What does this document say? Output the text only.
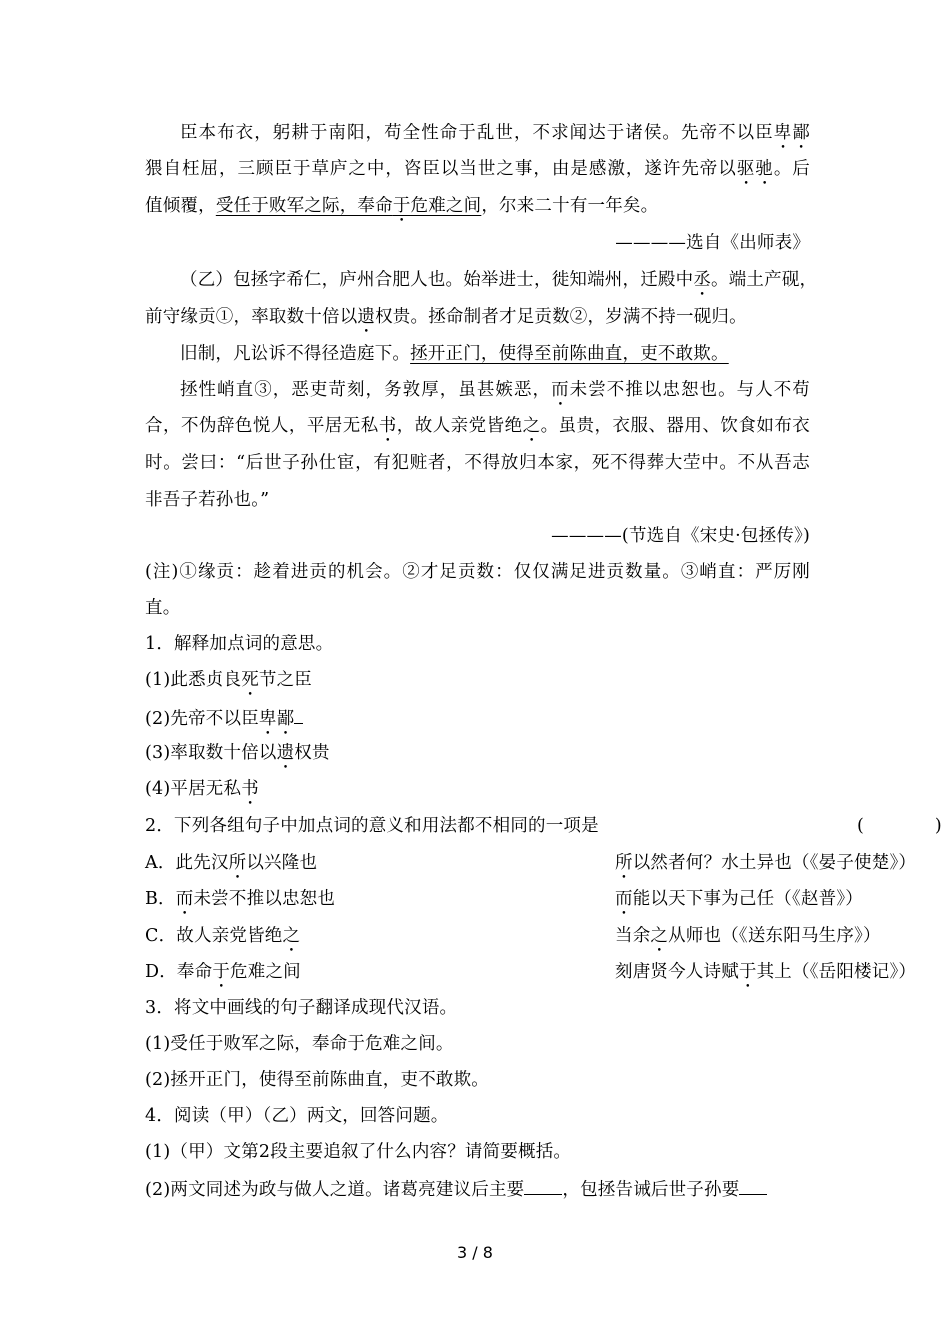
臣本布衣，躬耕于南阳，苟全性命于乱世，不求闻达于诸侯。先帝不以臣卑鄙
猥自枉屈，三顾臣于草庐之中，咨臣以当世之事，由是感激，遂许先帝以驱驰。后
值倾覆，受任于败军之际，奉命于危难之间，尔来二十有一年矣。
————选自《出师表》
（乙）包拯字希仁，庐州合肥人也。始举进士，徙知端州，迁殿中丞。端土产砚，
前守缘贡①，率取数十倍以遗权贵。拯命制者才足贡数②，岁满不持一砚归。
旧制，凡讼诉不得径造庭下。拯开正门，使得至前陈曲直，吏不敢欺。
拯性峭直③，恶吏苛刻，务敦厚，虽甚嫉恶，而未尝不推以忠恕也。与人不苟
合，不伪辞色悦人，平居无私书，故人亲党皆绝之。虽贵，衣服、器用、饮食如布衣
时。尝曰：“后世子孙仕宦，有犯赃者，不得放归本家，死不得葬大茔中。不从吾志
非吾子若孙也。”
————(节选自《宋史·包拯传》)
(注)①缘贡：趁着进贡的机会。②才足贡数：仅仅满足进贡数量。③峭直：严厉刚
直。
1．解释加点词的意思。
(1)此悉贞良死节之臣
(2)先帝不以臣卑鄙
(3)率取数十倍以遗权贵
(4)平居无私书
2．下列各组句子中加点词的意义和用法都不相同的一项是	(　　　　)
A．此先汉所以兴隆也	所以然者何？水土异也（《晏子使楚》）
B．而未尝不推以忠恕也	而能以天下事为己任（《赵普》）
C．故人亲党皆绝之	当余之从师也（《送东阳马生序》）
D．奉命于危难之间	刻唐贤今人诗赋于其上（《岳阳楼记》）
3．将文中画线的句子翻译成现代汉语。
(1)受任于败军之际，奉命于危难之间。
(2)拯开正门，使得至前陈曲直，吏不敢欺。
4．阅读（甲）（乙）两文，回答问题。
(1)（甲）文第2段主要追叙了什么内容？请简要概括。
(2)两文同述为政与做人之道。诸葛亮建议后主要 ，包拯告诫后世子孙要
3 / 8
